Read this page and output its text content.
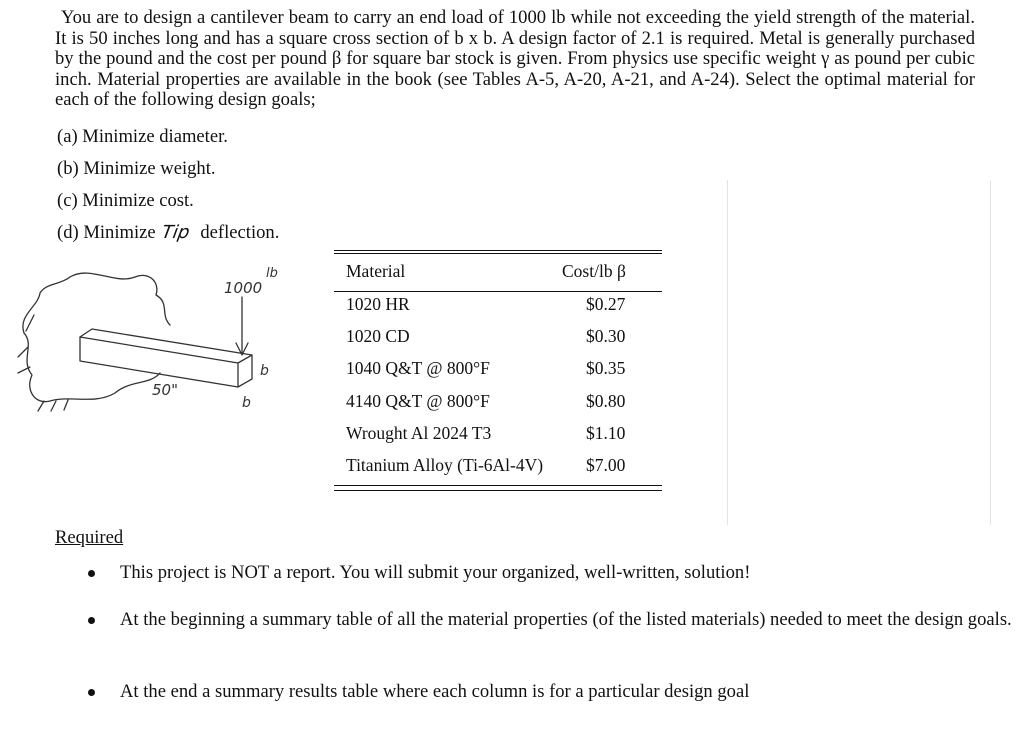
You are to design a cantilever beam to carry an end load of 1000 lb while not exceeding the yield strength of the material. It is 50 inches long and has a square cross section of b x b. A design factor of 2.1 is required. Metal is generally purchased by the pound and the cost per pound β for square bar stock is given. From physics use specific weight γ as pound per cubic inch. Material properties are available in the book (see Tables A-5, A-20, A-21, and A-24). Select the optimal material for each of the following design goals;

(a) Minimize diameter.
(b) Minimize weight.
(c) Minimize cost.
(d) Minimize Tip deflection.
1000
lb
50"
b
b
Material	Cost/lb β
1020 HR	$0.27
1020 CD	$0.30
1040 Q&T @ 800°F	$0.35
4140 Q&T @ 800°F	$0.80
Wrought Al 2024 T3	$1.10
Titanium Alloy (Ti-6Al-4V) $7.00
Required
This project is NOT a report. You will submit your organized, well-written, solution!
At the beginning a summary table of all the material properties (of the listed materials) needed to meet the design goals.
At the end a summary results table where each column is for a particular design goal
